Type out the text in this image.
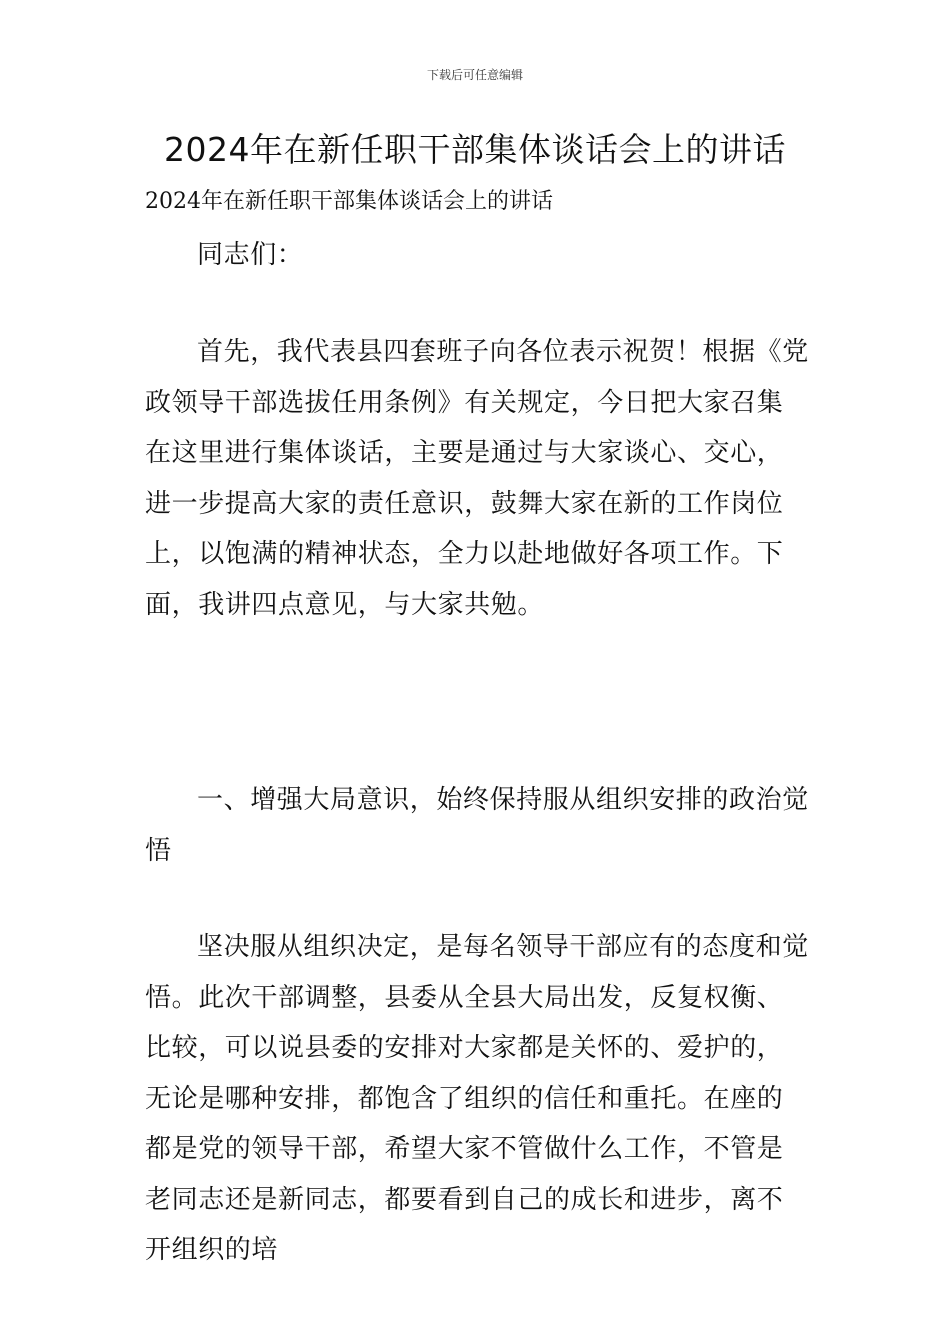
下载后可任意编辑
2024年在新任职干部集体谈话会上的讲话
2024年在新任职干部集体谈话会上的讲话
同志们：

首先，我代表县四套班子向各位表示祝贺！根据《党政领导干部选拔任用条例》有关规定，今日把大家召集在这里进行集体谈话，主要是通过与大家谈心、交心，进一步提高大家的责任意识，鼓舞大家在新的工作岗位上，以饱满的精神状态，全力以赴地做好各项工作。下面，我讲四点意见，与大家共勉。

一、增强大局意识，始终保持服从组织安排的政治觉悟

坚决服从组织决定，是每名领导干部应有的态度和觉悟。此次干部调整，县委从全县大局出发，反复权衡、比较，可以说县委的安排对大家都是关怀的、爱护的，无论是哪种安排，都饱含了组织的信任和重托。在座的都是党的领导干部，希望大家不管做什么工作，不管是老同志还是新同志，都要看到自己的成长和进步，离不开组织的培
